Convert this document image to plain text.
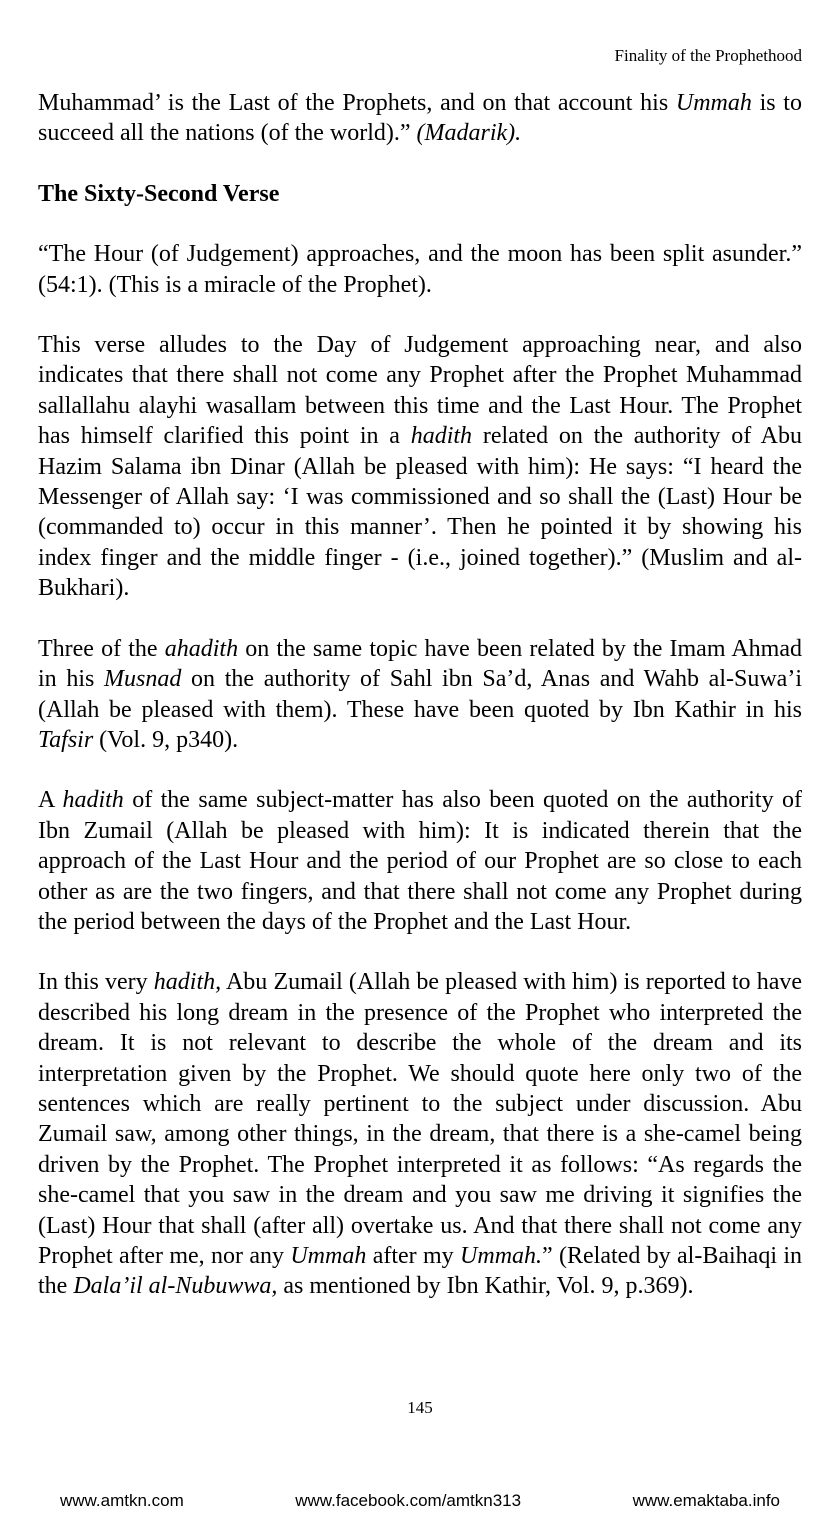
Finality of the Prophethood

Muhammad’ is the Last of the Prophets, and on that account his Ummah is to succeed all the nations (of the world).” (Madarik).

The Sixty-Second Verse

“The Hour (of Judgement) approaches, and the moon has been split asunder.” (54:1). (This is a miracle of the Prophet).

This verse alludes to the Day of Judgement approaching near, and also indicates that there shall not come any Prophet after the Prophet Muhammad sallallahu alayhi wasallam between this time and the Last Hour. The Prophet has himself clarified this point in a hadith related on the authority of Abu Hazim Salama ibn Dinar (Allah be pleased with him): He says: “I heard the Messenger of Allah say: ‘I was commissioned and so shall the (Last) Hour be (commanded to) occur in this manner’. Then he pointed it by showing his index finger and the middle finger - (i.e., joined together).” (Muslim and al-Bukhari).

Three of the ahadith on the same topic have been related by the Imam Ahmad in his Musnad on the authority of Sahl ibn Sa’d, Anas and Wahb al-Suwa’i (Allah be pleased with them). These have been quoted by Ibn Kathir in his Tafsir (Vol. 9, p340).

A hadith of the same subject-matter has also been quoted on the authority of Ibn Zumail (Allah be pleased with him): It is indicated therein that the approach of the Last Hour and the period of our Prophet are so close to each other as are the two fingers, and that there shall not come any Prophet during the period between the days of the Prophet and the Last Hour.

In this very hadith, Abu Zumail (Allah be pleased with him) is reported to have described his long dream in the presence of the Prophet who interpreted the dream. It is not relevant to describe the whole of the dream and its interpretation given by the Prophet. We should quote here only two of the sentences which are really pertinent to the subject under discussion. Abu Zumail saw, among other things, in the dream, that there is a she-camel being driven by the Prophet. The Prophet interpreted it as follows: “As regards the she-camel that you saw in the dream and you saw me driving it signifies the (Last) Hour that shall (after all) overtake us. And that there shall not come any Prophet after me, nor any Ummah after my Ummah.” (Related by al-Baihaqi in the Dala’il al-Nubuwwa, as mentioned by Ibn Kathir, Vol. 9, p.369).

145
www.amtkn.com	www.facebook.com/amtkn313	www.emaktaba.info
